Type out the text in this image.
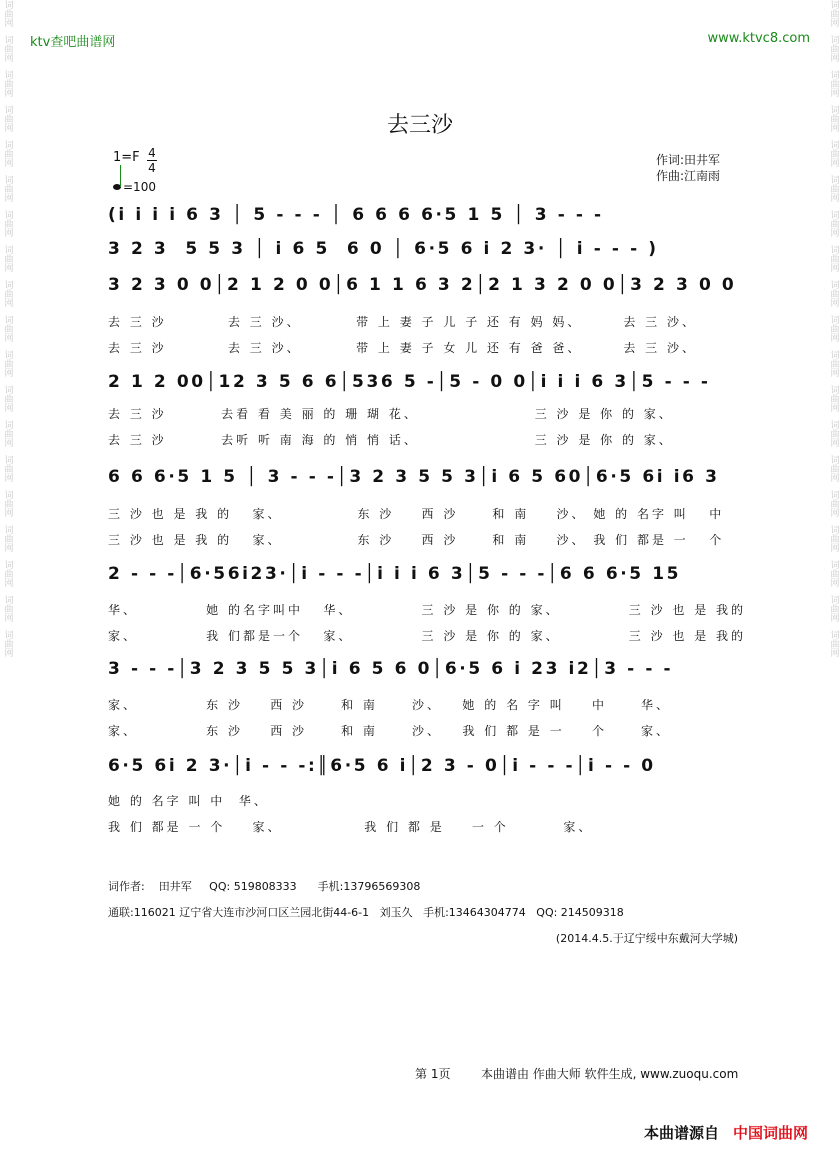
词曲网
词曲网
词曲网
词曲网
词曲网
词曲网
词曲网
词曲网
词曲网
词曲网
词曲网
词曲网
词曲网
词曲网
词曲网
词曲网
词曲网
词曲网
词曲网
词曲网
词曲网
词曲网
词曲网
词曲网
词曲网
词曲网
词曲网
词曲网
词曲网
词曲网
词曲网
词曲网
词曲网
词曲网
词曲网
词曲网
词曲网
词曲网
ktv查吧曲谱网	www.ktvc8.com
去三沙
1=F 4
4
=100
作词:田井军
作曲:江南雨
(i i i i 6 3 │ 5 - - - │ 6 6 6 6·5 1 5 │ 3 - - -
3 2 3  5 5 3 │ i 6 5  6 0 │ 6·5 6 i 2 3· │ i - - - )
3 2 3 0 0│2 1 2 0 0│6 1 1 6 3 2│2 1 3 2 0 0│3 2 3 0 0
2 1 2 00│12 3 5 6 6│536 5 -│5 - 0 0│i i i 6 3│5 - - -
6 6 6·5 1 5 │ 3 - - -│3 2 3 5 5 3│i 6 5 60│6·5 6i i6 3
2 - - -│6·56i23·│i - - -│i i i 6 3│5 - - -│6 6 6·5 15
3 - - -│3 2 3 5 5 3│i 6 5 6 0│6·5 6 i 23 i2│3 - - -
6·5 6i 2 3·│i - - -:║6·5 6 i│2 3 - 0│i - - -│i - - 0
去 三 沙         去 三 沙、        带 上 妻 子 儿 子 还 有 妈 妈、      去 三 沙、
去 三 沙         去 三 沙、        带 上 妻 子 女 儿 还 有 爸 爸、      去 三 沙、
去 三 沙        去看 看 美 丽 的 珊 瑚 花、                 三 沙 是 你 的 家、
去 三 沙        去听 听 南 海 的 悄 悄 话、                 三 沙 是 你 的 家、
三 沙 也 是 我 的   家、           东 沙    西 沙     和 南    沙、 她 的 名字 叫   中
三 沙 也 是 我 的   家、           东 沙    西 沙     和 南    沙、 我 们 都是 一   个
华、          她 的名字叫中   华、          三 沙 是 你 的 家、          三 沙 也 是 我的
家、          我 们都是一个   家、          三 沙 是 你 的 家、          三 沙 也 是 我的
家、          东 沙    西 沙     和 南     沙、   她 的 名 字 叫    中     华、
家、          东 沙    西 沙     和 南     沙、   我 们 都 是 一    个     家、
她 的 名字 叫 中  华、
我 们 都是 一 个    家、            我 们 都 是    一 个        家、
词作者:    田井军     QQ: 519808333      手机:13796569308
通联:116021 辽宁省大连市沙河口区兰园北街44-6-1   刘玉久   手机:13464304774   QQ: 214509318
(2014.4.5.于辽宁绥中东戴河大学城)
第 1页	本曲谱由 作曲大师 软件生成, www.zuoqu.com
本曲谱源自 中国词曲网
